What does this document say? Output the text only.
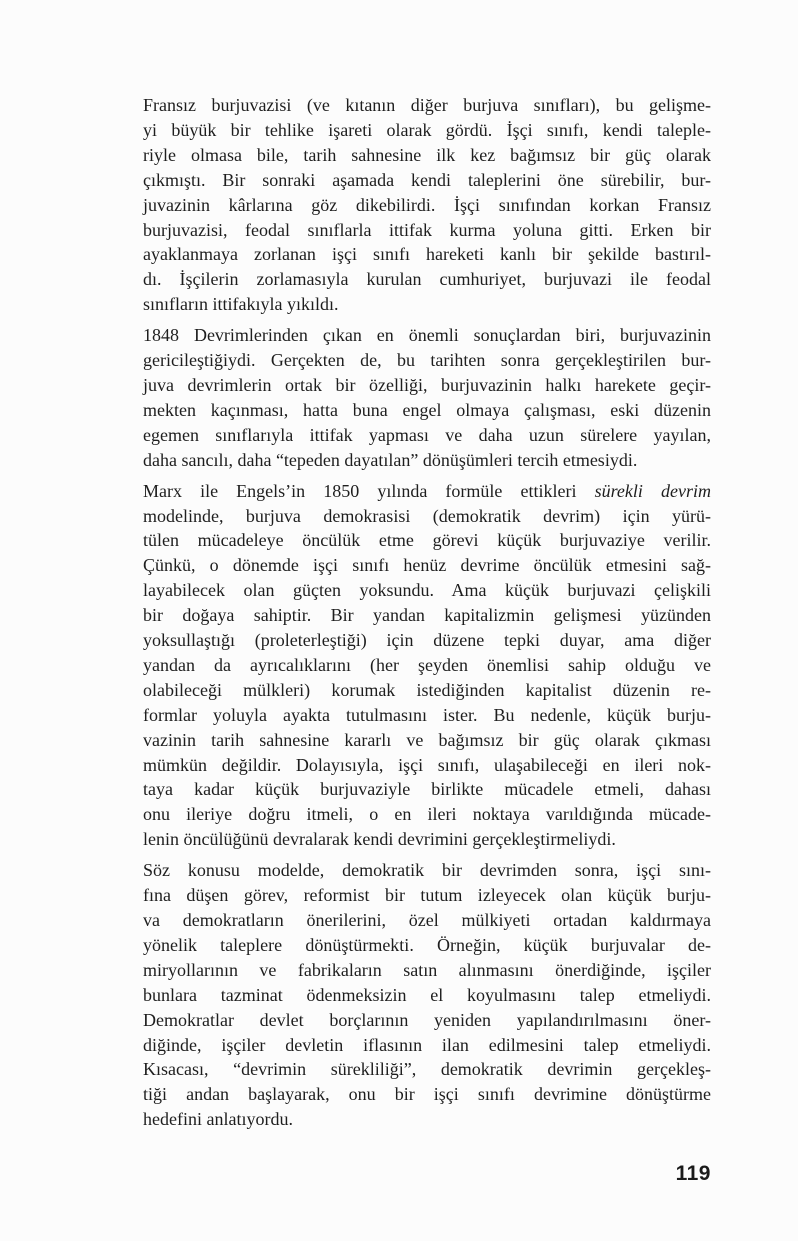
Fransız burjuvazisi (ve kıtanın diğer burjuva sınıfları), bu gelişme-
yi büyük bir tehlike işareti olarak gördü. İşçi sınıfı, kendi taleple-
riyle olmasa bile, tarih sahnesine ilk kez bağımsız bir güç olarak
çıkmıştı. Bir sonraki aşamada kendi taleplerini öne sürebilir, bur-
juvazinin kârlarına göz dikebilirdi. İşçi sınıfından korkan Fransız
burjuvazisi, feodal sınıflarla ittifak kurma yoluna gitti. Erken bir
ayaklanmaya zorlanan işçi sınıfı hareketi kanlı bir şekilde bastırıl-
dı. İşçilerin zorlamasıyla kurulan cumhuriyet, burjuvazi ile feodal
sınıfların ittifakıyla yıkıldı.
1848 Devrimlerinden çıkan en önemli sonuçlardan biri, burjuvazinin
gericileştiğiydi. Gerçekten de, bu tarihten sonra gerçekleştirilen bur-
juva devrimlerin ortak bir özelliği, burjuvazinin halkı harekete geçir-
mekten kaçınması, hatta buna engel olmaya çalışması, eski düzenin
egemen sınıflarıyla ittifak yapması ve daha uzun sürelere yayılan,
daha sancılı, daha “tepeden dayatılan” dönüşümleri tercih etmesiydi.
Marx ile Engels’in 1850 yılında formüle ettikleri sürekli devrim
modelinde, burjuva demokrasisi (demokratik devrim) için yürü-
tülen mücadeleye öncülük etme görevi küçük burjuvaziye verilir.
Çünkü, o dönemde işçi sınıfı henüz devrime öncülük etmesini sağ-
layabilecek olan güçten yoksundu. Ama küçük burjuvazi çelişkili
bir doğaya sahiptir. Bir yandan kapitalizmin gelişmesi yüzünden
yoksullaştığı (proleterleştiği) için düzene tepki duyar, ama diğer
yandan da ayrıcalıklarını (her şeyden önemlisi sahip olduğu ve
olabileceği mülkleri) korumak istediğinden kapitalist düzenin re-
formlar yoluyla ayakta tutulmasını ister. Bu nedenle, küçük burju-
vazinin tarih sahnesine kararlı ve bağımsız bir güç olarak çıkması
mümkün değildir. Dolayısıyla, işçi sınıfı, ulaşabileceği en ileri nok-
taya kadar küçük burjuvaziyle birlikte mücadele etmeli, dahası
onu ileriye doğru itmeli, o en ileri noktaya varıldığında mücade-
lenin öncülüğünü devralarak kendi devrimini gerçekleştirmeliydi.
Söz konusu modelde, demokratik bir devrimden sonra, işçi sını-
fına düşen görev, reformist bir tutum izleyecek olan küçük burju-
va demokratların önerilerini, özel mülkiyeti ortadan kaldırmaya
yönelik taleplere dönüştürmekti. Örneğin, küçük burjuvalar de-
miryollarının ve fabrikaların satın alınmasını önerdiğinde, işçiler
bunlara tazminat ödenmeksizin el koyulmasını talep etmeliydi.
Demokratlar devlet borçlarının yeniden yapılandırılmasını öner-
diğinde, işçiler devletin iflasının ilan edilmesini talep etmeliydi.
Kısacası, “devrimin sürekliliği”, demokratik devrimin gerçekleş-
tiği andan başlayarak, onu bir işçi sınıfı devrimine dönüştürme
hedefini anlatıyordu.
119
